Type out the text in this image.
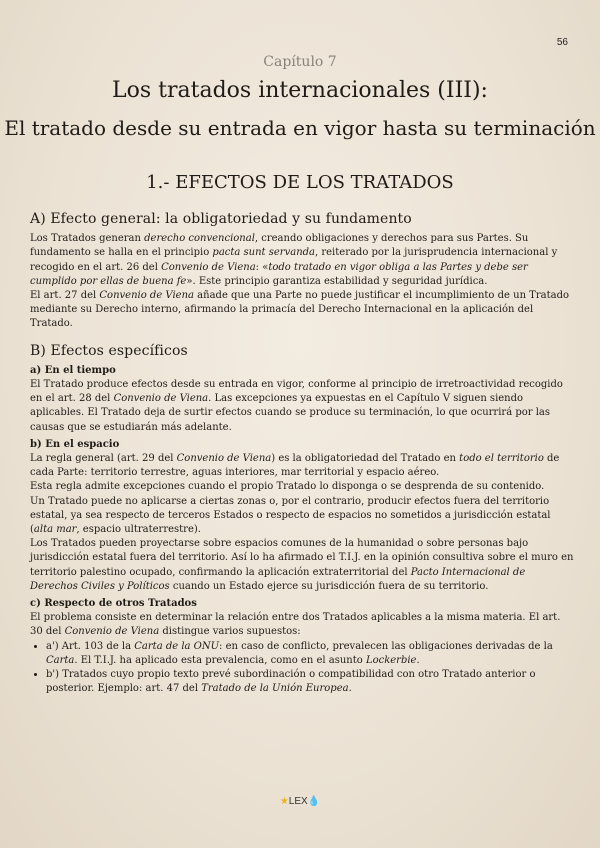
56
Capítulo 7
Los tratados internacionales (III):
El tratado desde su entrada en vigor hasta su terminación
1.- EFECTOS DE LOS TRATADOS
A) Efecto general: la obligatoriedad y su fundamento

Los Tratados generan derecho convencional, creando obligaciones y derechos para sus Partes. Su fundamento se halla en el principio pacta sunt servanda, reiterado por la jurisprudencia internacional y recogido en el art. 26 del Convenio de Viena: «todo tratado en vigor obliga a las Partes y debe ser cumplido por ellas de buena fe». Este principio garantiza estabilidad y seguridad jurídica.

El art. 27 del Convenio de Viena añade que una Parte no puede justificar el incumplimiento de un Tratado mediante su Derecho interno, afirmando la primacía del Derecho Internacional en la aplicación del Tratado.

B) Efectos específicos
a) En el tiempo

El Tratado produce efectos desde su entrada en vigor, conforme al principio de irretroactividad recogido en el art. 28 del Convenio de Viena. Las excepciones ya expuestas en el Capítulo V siguen siendo aplicables. El Tratado deja de surtir efectos cuando se produce su terminación, lo que ocurrirá por las causas que se estudiarán más adelante.

b) En el espacio

La regla general (art. 29 del Convenio de Viena) es la obligatoriedad del Tratado en todo el territorio de cada Parte: territorio terrestre, aguas interiores, mar territorial y espacio aéreo.

Esta regla admite excepciones cuando el propio Tratado lo disponga o se desprenda de su contenido.

Un Tratado puede no aplicarse a ciertas zonas o, por el contrario, producir efectos fuera del territorio estatal, ya sea respecto de terceros Estados o respecto de espacios no sometidos a jurisdicción estatal (alta mar, espacio ultraterrestre).

Los Tratados pueden proyectarse sobre espacios comunes de la humanidad o sobre personas bajo jurisdicción estatal fuera del territorio. Así lo ha afirmado el T.I.J. en la opinión consultiva sobre el muro en territorio palestino ocupado, confirmando la aplicación extraterritorial del Pacto Internacional de Derechos Civiles y Políticos cuando un Estado ejerce su jurisdicción fuera de su territorio.

c) Respecto de otros Tratados

El problema consiste en determinar la relación entre dos Tratados aplicables a la misma materia. El art. 30 del Convenio de Viena distingue varios supuestos:

• a') Art. 103 de la Carta de la ONU: en caso de conflicto, prevalecen las obligaciones derivadas de la Carta. El T.I.J. ha aplicado esta prevalencia, como en el asunto Lockerbie.
• b') Tratados cuyo propio texto prevé subordinación o compatibilidad con otro Tratado anterior o posterior. Ejemplo: art. 47 del Tratado de la Unión Europea.
★LEX💧
